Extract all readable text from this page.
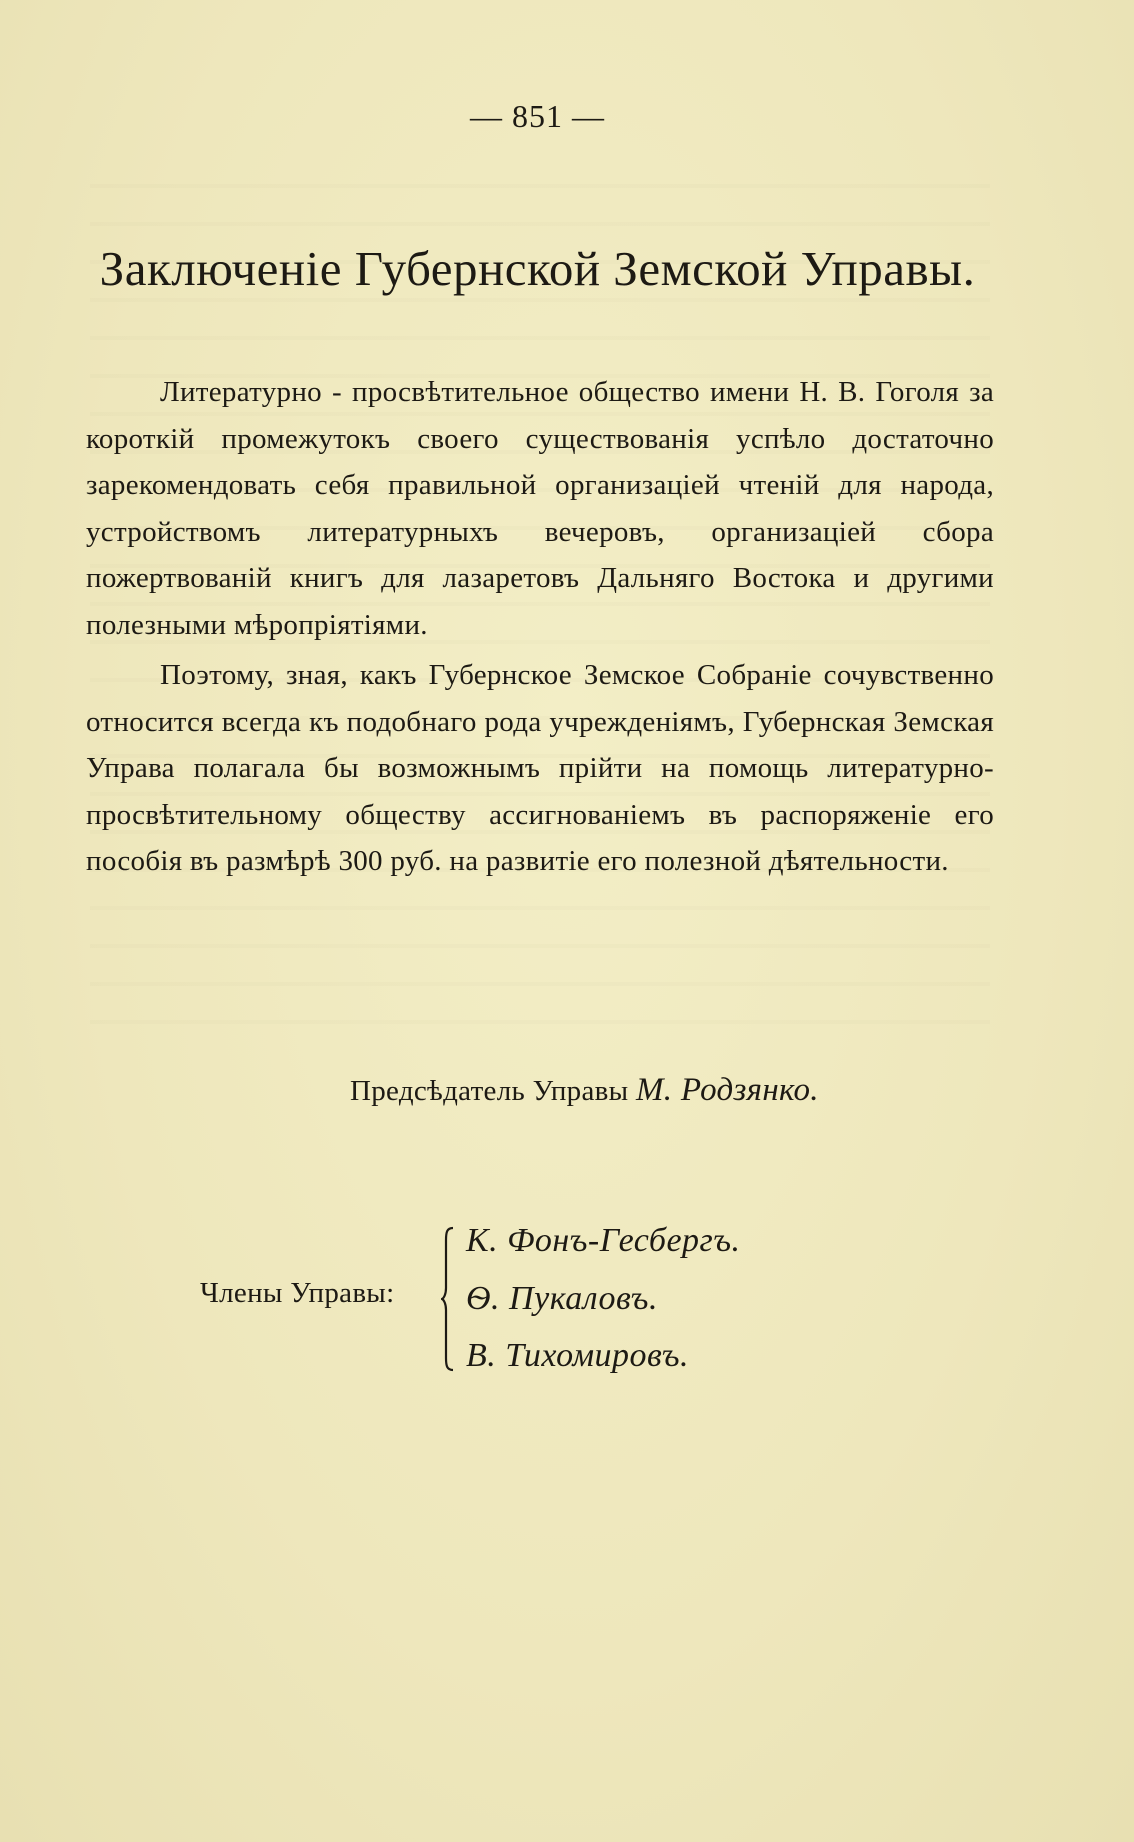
— 851 —
Заключеніе Губернской Земской Управы.
Литературно - просвѣтительное общество имени Н. В. Гоголя за короткій промежутокъ своего существованія успѣло достаточно зарекомендовать себя правильной организаціей чтеній для народа, устройствомъ литературныхъ вечеровъ, организаціей сбора пожертвованій книгъ для лазаретовъ Дальняго Востока и другими полезными мѣропріятіями.
Поэтому, зная, какъ Губернское Земское Собраніе сочувственно относится всегда къ подобнаго рода учрежденіямъ, Губернская Земская Управа полагала бы возможнымъ прійти на помощь литературно-просвѣтительному обществу ассигнованіемъ въ распоряженіе его пособія въ размѣрѣ 300 руб. на развитіе его полезной дѣятельности.
Предсѣдатель Управы М. Родзянко.
Члены Управы:
К. Фонъ-Гесбергъ.
Ѳ. Пукаловъ.
В. Тихомировъ.
